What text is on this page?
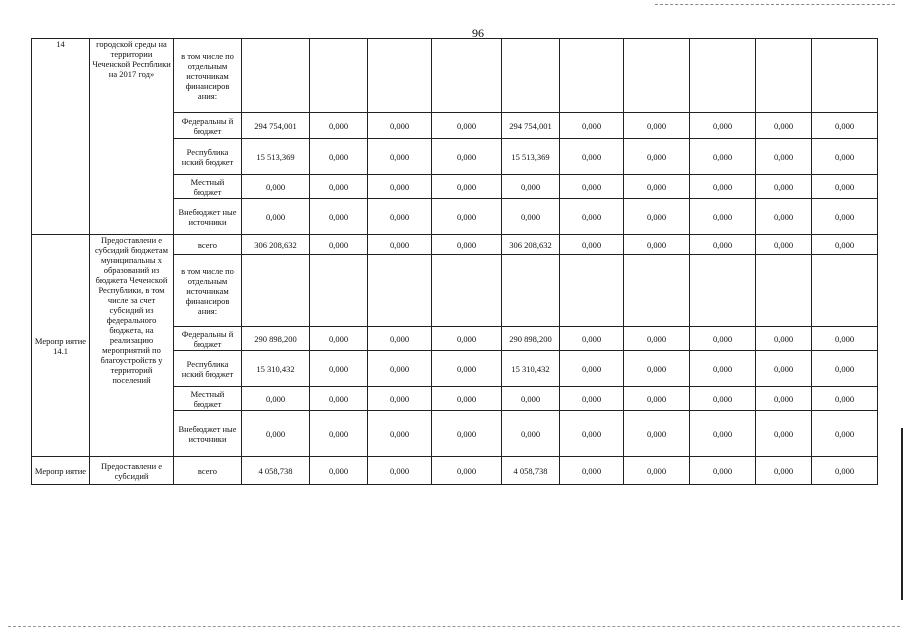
96
14	городской среды на территории Чеченской Респблики на 2017 год»	в том числе по отдельным источникам финансиров ания:										
		Федеральны й бюджет	294 754,001	0,000	0,000	0,000	294 754,001	0,000	0,000	0,000	0,000	0,000
		Республика нский бюджет	15 513,369	0,000	0,000	0,000	15 513,369	0,000	0,000	0,000	0,000	0,000
		Местный бюджет	0,000	0,000	0,000	0,000	0,000	0,000	0,000	0,000	0,000	0,000
		Внебюджет ные источники	0,000	0,000	0,000	0,000	0,000	0,000	0,000	0,000	0,000	0,000
Меропр иятие 14.1	Предоставлени е субсидий бюджетам муниципальны х образований из бюджета Чеченской Республики, в том числе за счет субсидий из федерального бюджета, на реализацию мероприятий по благоустройств у территорий поселений	всего	306 208,632	0,000	0,000	0,000	306 208,632	0,000	0,000	0,000	0,000	0,000
		в том числе по отдельным источникам финансиров ания:										
		Федеральны й бюджет	290 898,200	0,000	0,000	0,000	290 898,200	0,000	0,000	0,000	0,000	0,000
		Республика нский бюджет	15 310,432	0,000	0,000	0,000	15 310,432	0,000	0,000	0,000	0,000	0,000
		Местный бюджет	0,000	0,000	0,000	0,000	0,000	0,000	0,000	0,000	0,000	0,000
		Внебюджет ные источники	0,000	0,000	0,000	0,000	0,000	0,000	0,000	0,000	0,000	0,000
Меропр иятие	Предоставлени е субсидий	всего	4 058,738	0,000	0,000	0,000	4 058,738	0,000	0,000	0,000	0,000	0,000
